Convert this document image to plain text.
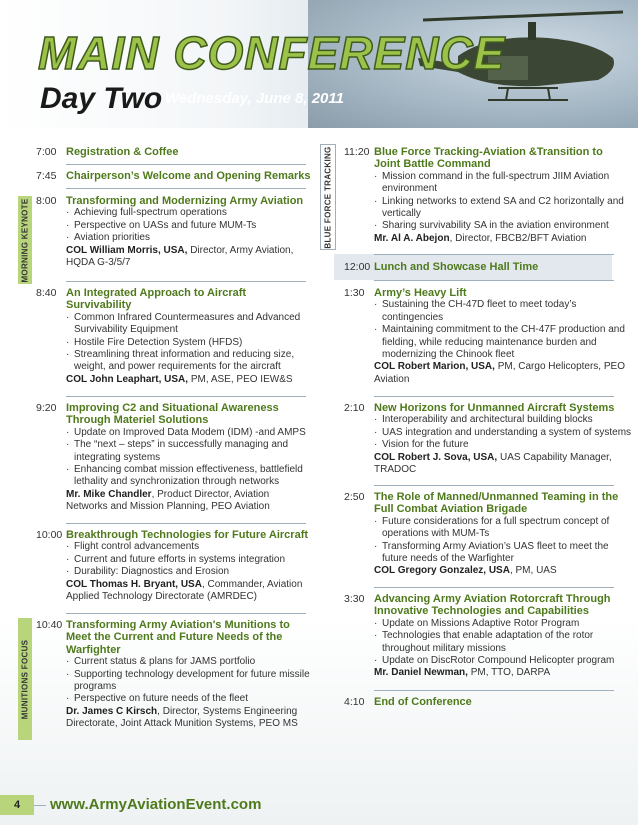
MAIN CONFERENCE
Day Two Wednesday, June 8, 2011
MORNING KEYNOTE
MUNITIONS FOCUS
BLUE FORCE TRACKING
7:00 Registration & Coffee
7:45 Chairperson’s Welcome and Opening Remarks
8:00 Transforming and Modernizing Army Aviation
· Achieving full-spectrum operations
· Perspective on UASs and future MUM-Ts
· Aviation priorities
COL William Morris, USA, Director, Army Aviation,
HQDA G-3/5/7
8:40 An Integrated Approach to Aircraft
Survivability
· Common Infrared Countermeasures and Advanced
Survivability Equipment
· Hostile Fire Detection System (HFDS)
· Streamlining threat information and reducing size,
weight, and power requirements for the aircraft
COL John Leaphart, USA, PM, ASE, PEO IEW&S
9:20 Improving C2 and Situational Awareness
Through Materiel Solutions
· Update on Improved Data Modem (IDM) -and AMPS
· The “next – steps” in successfully managing and
integrating systems
· Enhancing combat mission effectiveness, battlefield
lethality and synchronization through networks
Mr. Mike Chandler, Product Director, Aviation
Networks and Mission Planning, PEO Aviation
10:00 Breakthrough Technologies for Future Aircraft
· Flight control advancements
· Current and future efforts in systems integration
· Durability: Diagnostics and Erosion
COL Thomas H. Bryant, USA, Commander, Aviation
Applied Technology Directorate (AMRDEC)
10:40 Transforming Army Aviation's Munitions to
Meet the Current and Future Needs of the
Warfighter
· Current status & plans for JAMS portfolio
· Supporting technology development for future missile
programs
· Perspective on future needs of the fleet
Dr. James C Kirsch, Director, Systems Engineering
Directorate, Joint Attack Munition Systems, PEO MS
11:20 Blue Force Tracking-Aviation &Transition to
Joint Battle Command
· Mission command in the full-spectrum JIIM Aviation
environment
· Linking networks to extend SA and C2 horizontally and
vertically
· Sharing survivability SA in the aviation environment
Mr. Al A. Abejon, Director, FBCB2/BFT Aviation
12:00 Lunch and Showcase Hall Time
1:30 Army’s Heavy Lift
· Sustaining the CH-47D fleet to meet today’s
contingencies
· Maintaining commitment to the CH-47F production and
fielding, while reducing maintenance burden and
modernizing the Chinook fleet
COL Robert Marion, USA, PM, Cargo Helicopters, PEO
Aviation
2:10 New Horizons for Unmanned Aircraft Systems
· Interoperability and architectural building blocks
· UAS integration and understanding a system of systems
· Vision for the future
COL Robert J. Sova, USA, UAS Capability Manager,
TRADOC
2:50 The Role of Manned/Unmanned Teaming in the
Full Combat Aviation Brigade
· Future considerations for a full spectrum concept of
operations with MUM-Ts
· Transforming Army Aviation’s UAS fleet to meet the
future needs of the Warfighter
COL Gregory Gonzalez, USA, PM, UAS
3:30 Advancing Army Aviation Rotorcraft Through
Innovative Technologies and Capabilities
· Update on Missions Adaptive Rotor Program
· Technologies that enable adaptation of the rotor
throughout military missions
· Update on DiscRotor Compound Helicopter program
Mr. Daniel Newman, PM, TTO, DARPA
4:10 End of Conference
4	www.ArmyAviationEvent.com
